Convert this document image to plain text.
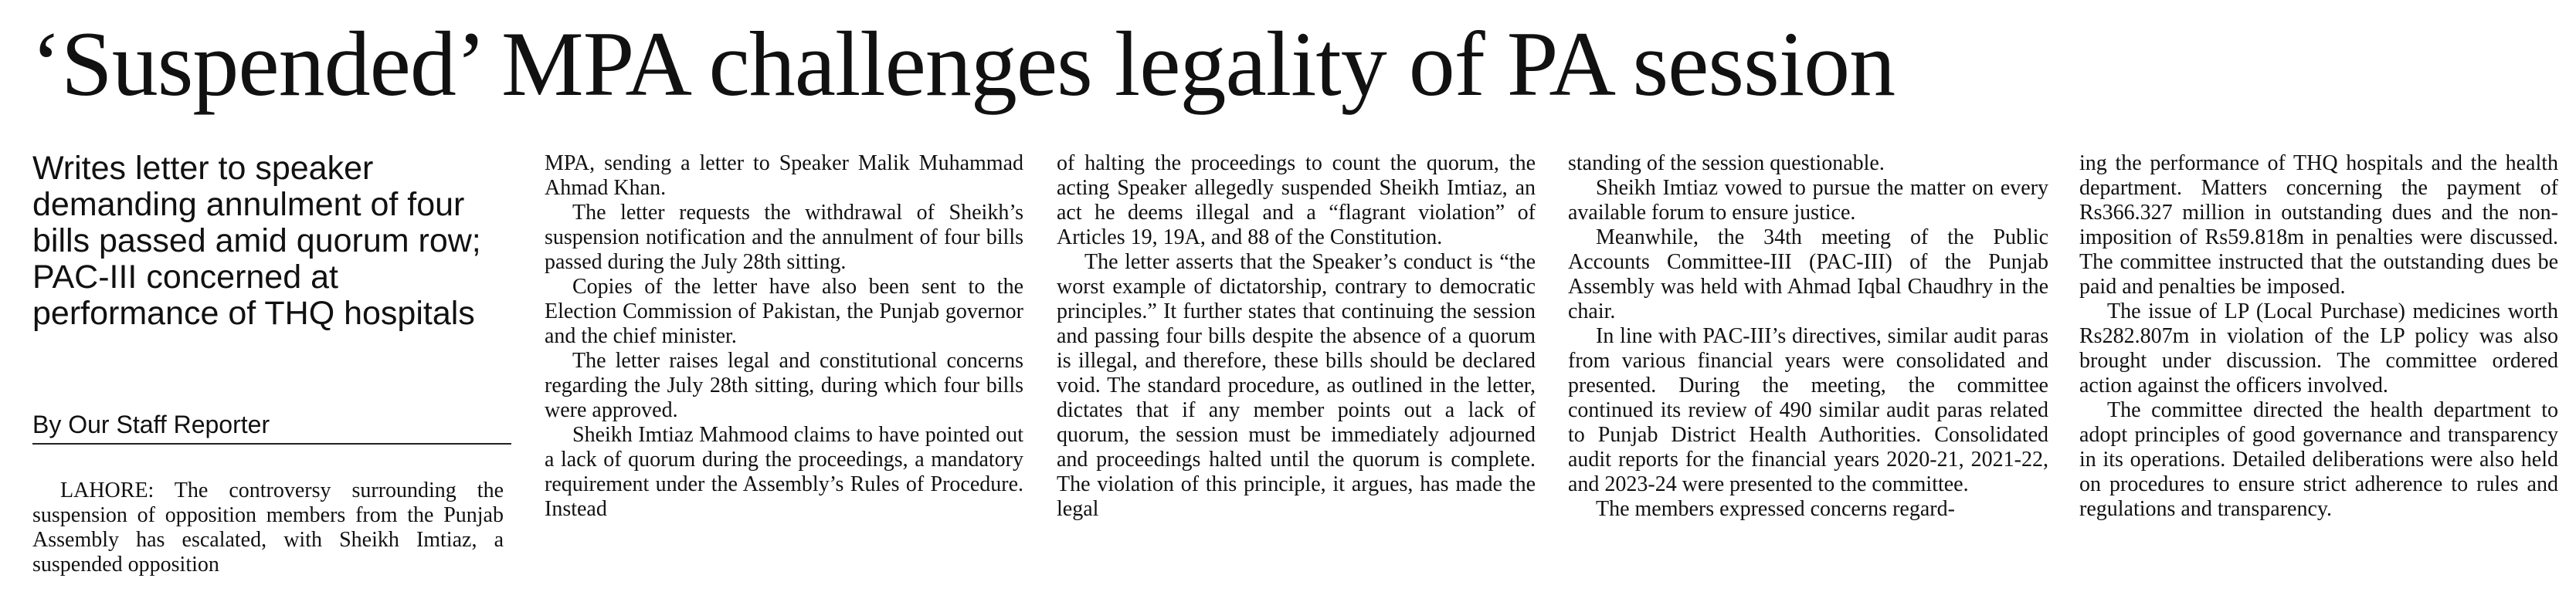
‘Suspended’ MPA challenges legality of PA session
Writes letter to speaker demanding annulment of four bills passed amid quorum row; PAC-III concerned at performance of THQ hospitals
By Our Staff Reporter

LAHORE: The controversy surrounding the suspension of opposition members from the Punjab Assembly has escalated, with Sheikh Imtiaz, a suspended opposition

MPA, sending a letter to Speaker Malik Muhammad Ahmad Khan.

The letter requests the withdrawal of Sheikh’s suspension notification and the annulment of four bills passed during the July 28th sitting.

Copies of the letter have also been sent to the Election Commission of Pakistan, the Punjab governor and the chief minister.

The letter raises legal and constitutional concerns regarding the July 28th sitting, during which four bills were approved.

Sheikh Imtiaz Mahmood claims to have pointed out a lack of quorum during the proceedings, a mandatory requirement under the Assembly’s Rules of Procedure. Instead

of halting the proceedings to count the quorum, the acting Speaker allegedly suspended Sheikh Imtiaz, an act he deems illegal and a “flagrant violation” of Articles 19, 19A, and 88 of the Constitution.

The letter asserts that the Speaker’s conduct is “the worst example of dictatorship, contrary to democratic principles.” It further states that continuing the session and passing four bills despite the absence of a quorum is illegal, and therefore, these bills should be declared void. The standard procedure, as outlined in the letter, dictates that if any member points out a lack of quorum, the session must be immediately adjourned and proceedings halted until the quorum is complete. The violation of this principle, it argues, has made the legal

standing of the session questionable.

Sheikh Imtiaz vowed to pursue the matter on every available forum to ensure justice.

Meanwhile, the 34th meeting of the Public Accounts Committee-III (PAC-III) of the Punjab Assembly was held with Ahmad Iqbal Chaudhry in the chair.

In line with PAC-III’s directives, similar audit paras from various financial years were consolidated and presented. During the meeting, the committee continued its review of 490 similar audit paras related to Punjab District Health Authorities. Consolidated audit reports for the financial years 2020-21, 2021-22, and 2023-24 were presented to the committee.

The members expressed concerns regard-

ing the performance of THQ hospitals and the health department. Matters concerning the payment of Rs366.327 million in outstanding dues and the non-imposition of Rs59.818m in penalties were discussed. The committee instructed that the outstanding dues be paid and penalties be imposed.

The issue of LP (Local Purchase) medicines worth Rs282.807m in violation of the LP policy was also brought under discussion. The committee ordered action against the officers involved.

The committee directed the health department to adopt principles of good governance and transparency in its operations. Detailed deliberations were also held on procedures to ensure strict adherence to rules and regulations and transparency.
